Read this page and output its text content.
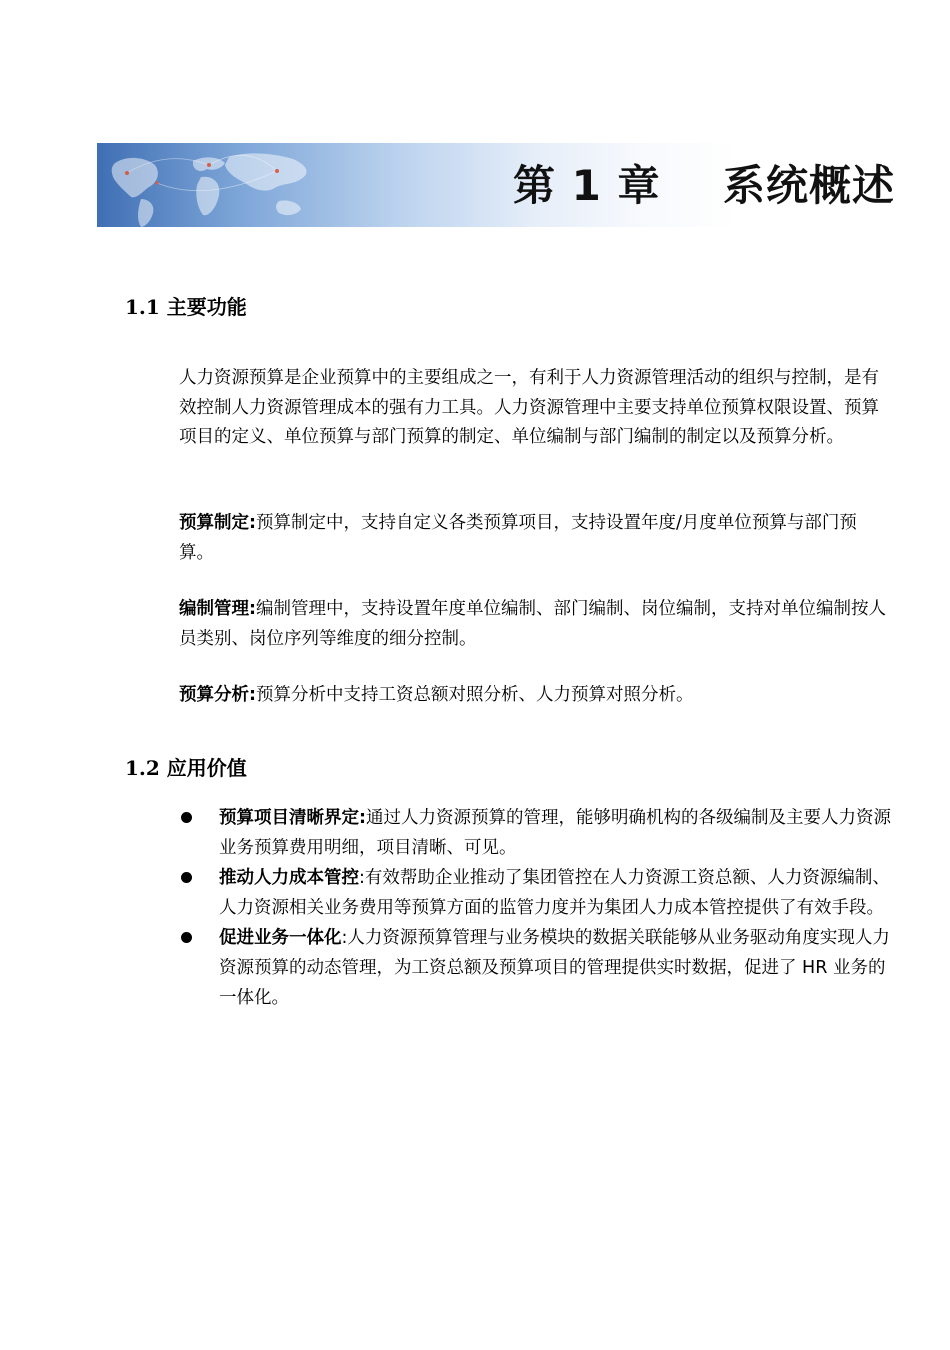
第 1 章    系统概述
1.1 主要功能

人力资源预算是企业预算中的主要组成之一，有利于人力资源管理活动的组织与控制，是有效控制人力资源管理成本的强有力工具。人力资源管理中主要支持单位预算权限设置、预算项目的定义、单位预算与部门预算的制定、单位编制与部门编制的制定以及预算分析。

预算制定:预算制定中，支持自定义各类预算项目，支持设置年度/月度单位预算与部门预算。

编制管理:编制管理中，支持设置年度单位编制、部门编制、岗位编制，支持对单位编制按人员类别、岗位序列等维度的细分控制。

预算分析:预算分析中支持工资总额对照分析、人力预算对照分析。

1.2 应用价值
预算项目清晰界定:通过人力资源预算的管理，能够明确机构的各级编制及主要人力资源业务预算费用明细，项目清晰、可见。
推动人力成本管控:有效帮助企业推动了集团管控在人力资源工资总额、人力资源编制、人力资源相关业务费用等预算方面的监管力度并为集团人力成本管控提供了有效手段。
促进业务一体化:人力资源预算管理与业务模块的数据关联能够从业务驱动角度实现人力资源预算的动态管理，为工资总额及预算项目的管理提供实时数据，促进了 HR 业务的一体化。
